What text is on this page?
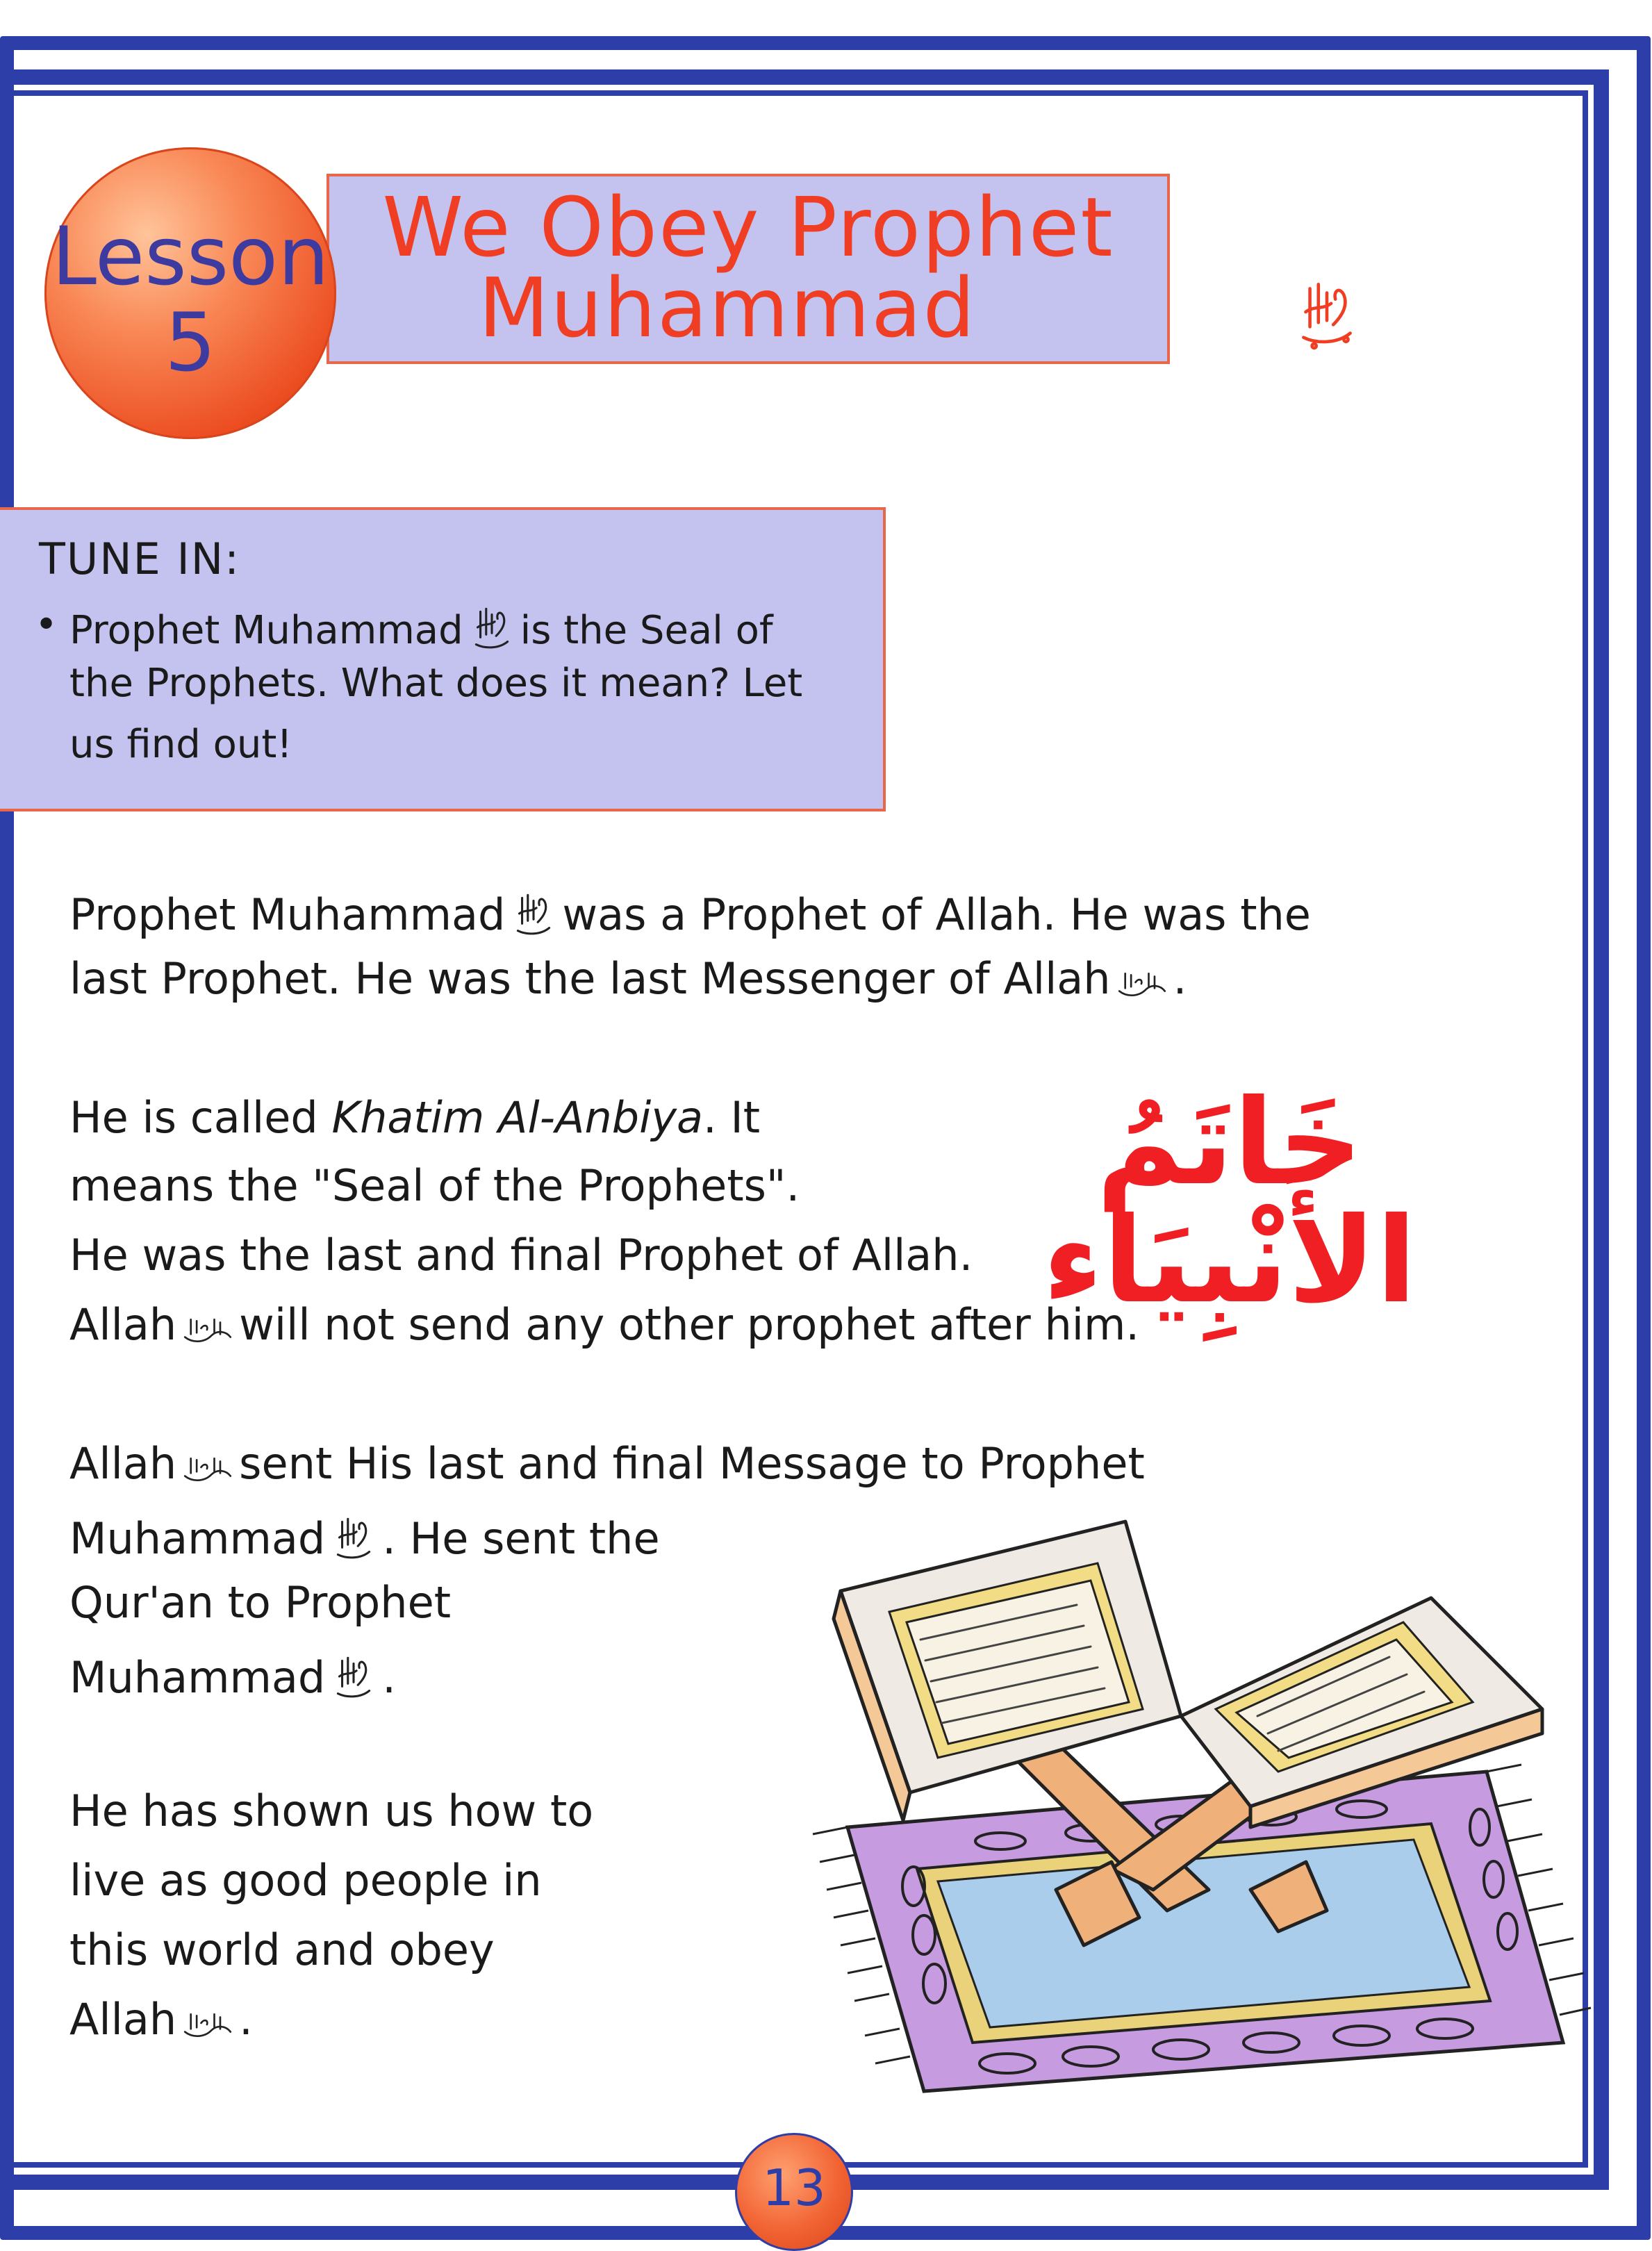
We Obey Prophet
Muhammad
Lesson
5
TUNE IN:
• Prophet Muhammad is the Seal of
the Prophets. What does it mean? Let
us find out!
Prophet Muhammad was a Prophet of Allah. He was the
last Prophet. He was the last Messenger of Allah .
خَاتَمُ الأَنْبِيَاء
He is called Khatim Al-Anbiya. It
means the "Seal of the Prophets".
He was the last and final Prophet of Allah.
Allah will not send any other prophet after him.
Allah sent His last and final Message to Prophet
Muhammad . He sent the
Qur'an to Prophet
Muhammad .
He has shown us how to
live as good people in
this world and obey
Allah .
13
